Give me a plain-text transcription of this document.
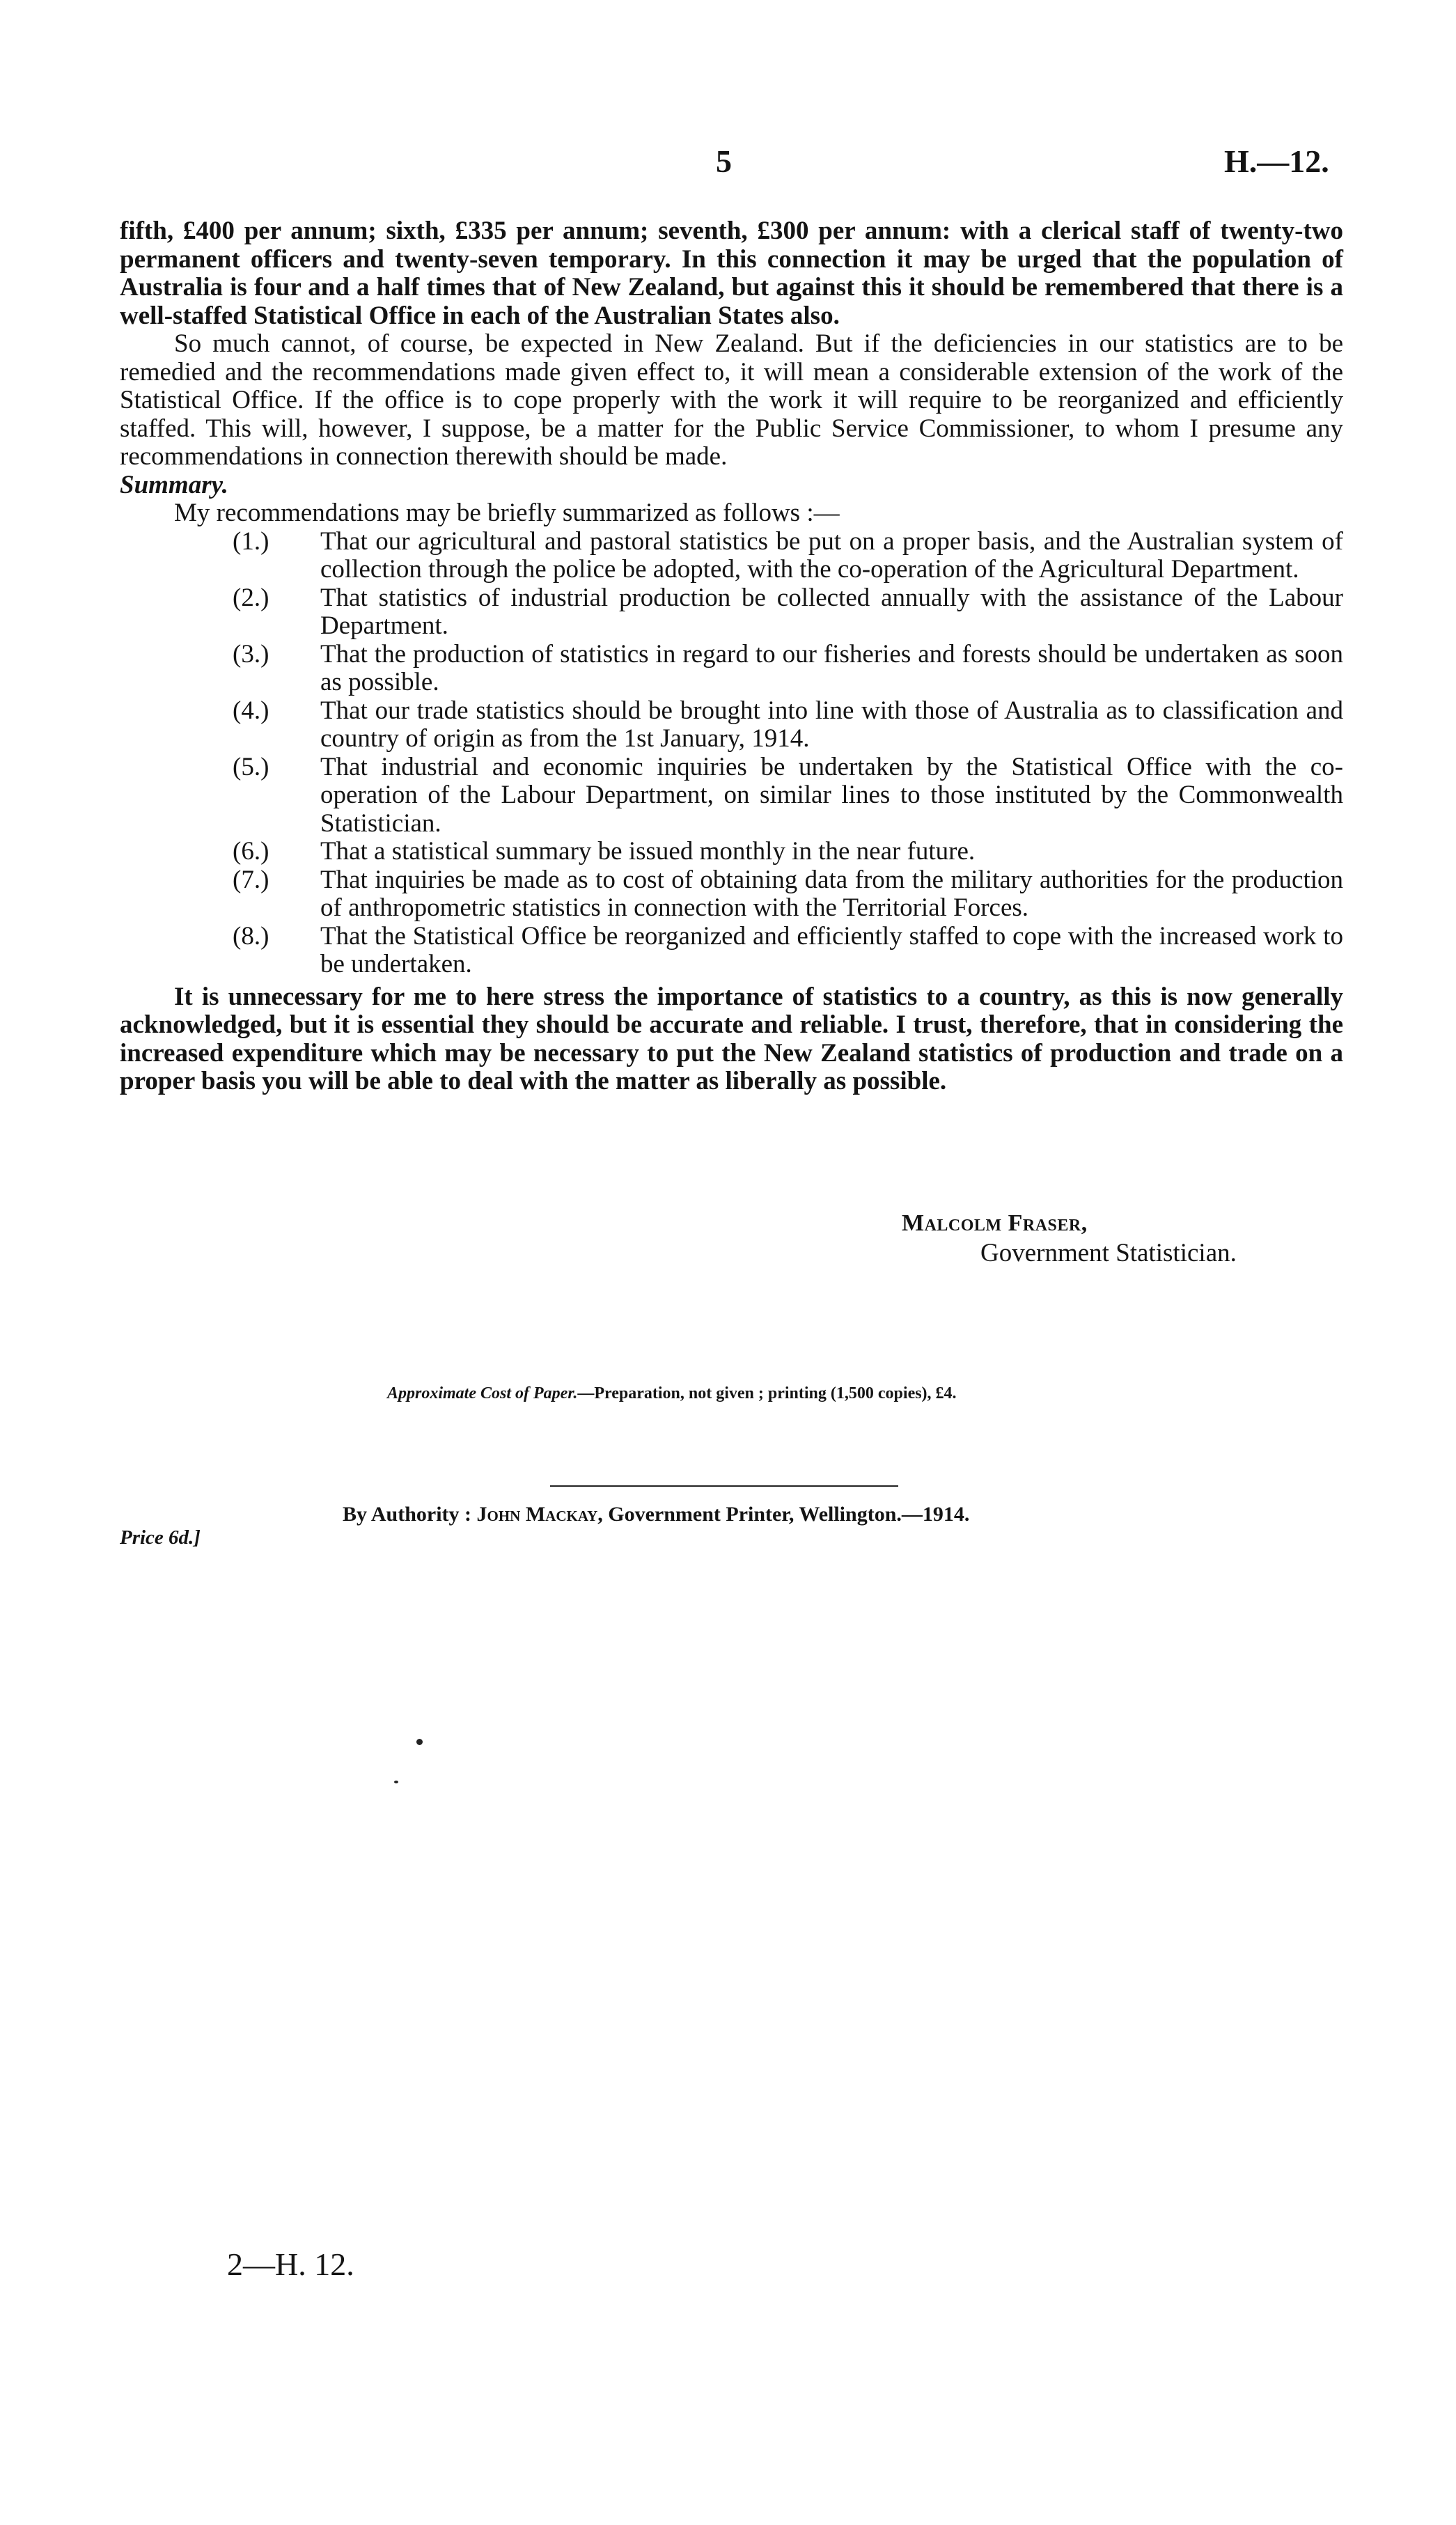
5	H.—12.

fifth, £400 per annum; sixth, £335 per annum; seventh, £300 per annum: with a clerical staff of twenty-two permanent officers and twenty-seven temporary. In this connection it may be urged that the population of Australia is four and a half times that of New Zealand, but against this it should be remembered that there is a well-staffed Statistical Office in each of the Australian States also.

So much cannot, of course, be expected in New Zealand. But if the deficiencies in our statistics are to be remedied and the recommendations made given effect to, it will mean a considerable extension of the work of the Statistical Office. If the office is to cope properly with the work it will require to be reorganized and efficiently staffed. This will, however, I suppose, be a matter for the Public Service Commissioner, to whom I presume any recommendations in connection therewith should be made.

Summary.

My recommendations may be briefly summarized as follows :—

(1.) That our agricultural and pastoral statistics be put on a proper basis, and the Australian system of collection through the police be adopted, with the co-operation of the Agricultural Department.
(2.) That statistics of industrial production be collected annually with the assistance of the Labour Department.
(3.) That the production of statistics in regard to our fisheries and forests should be undertaken as soon as possible.
(4.) That our trade statistics should be brought into line with those of Australia as to classification and country of origin as from the 1st January, 1914.
(5.) That industrial and economic inquiries be undertaken by the Statistical Office with the co-operation of the Labour Department, on similar lines to those instituted by the Commonwealth Statistician.
(6.) That a statistical summary be issued monthly in the near future.
(7.) That inquiries be made as to cost of obtaining data from the military authorities for the production of anthropometric statistics in connection with the Territorial Forces.
(8.) That the Statistical Office be reorganized and efficiently staffed to cope with the increased work to be undertaken.

It is unnecessary for me to here stress the importance of statistics to a country, as this is now generally acknowledged, but it is essential they should be accurate and reliable. I trust, therefore, that in considering the increased expenditure which may be necessary to put the New Zealand statistics of production and trade on a proper basis you will be able to deal with the matter as liberally as possible.

Malcolm Fraser,
Government Statistician.
Approximate Cost of Paper.—Preparation, not given ; printing (1,500 copies), £4.
By Authority : John Mackay, Government Printer, Wellington.—1914.
Price 6d.]
2—H. 12.
